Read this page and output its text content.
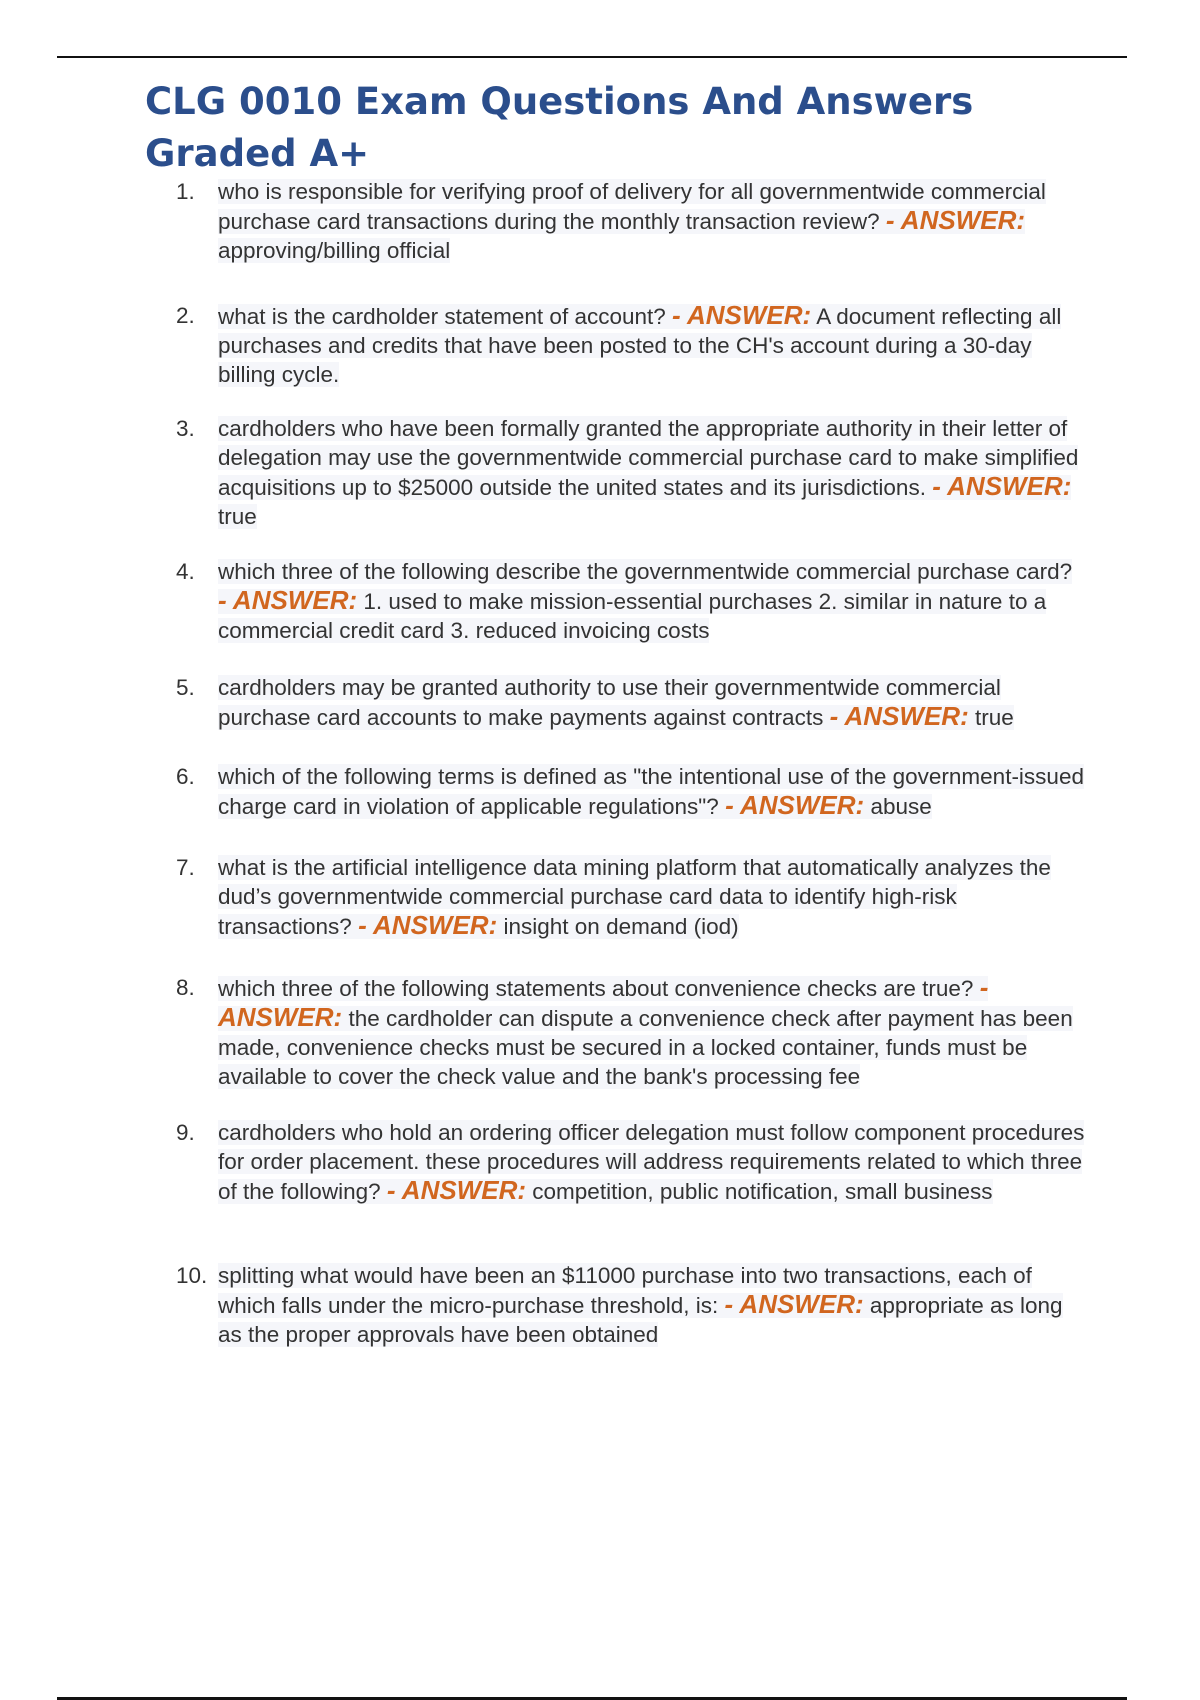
CLG 0010 Exam Questions And Answers Graded A+
1.	who is responsible for verifying proof of delivery for all governmentwide commercial purchase card transactions during the monthly transaction review? - ANSWER: approving/billing official
2.	what is the cardholder statement of account? - ANSWER: A document reflecting all purchases and credits that have been posted to the CH's account during a 30-day billing cycle.
3.	cardholders who have been formally granted the appropriate authority in their letter of delegation may use the governmentwide commercial purchase card to make simplified acquisitions up to $25000 outside the united states and its jurisdictions. - ANSWER: true
4.	which three of the following describe the governmentwide commercial purchase card? - ANSWER: 1. used to make mission-essential purchases 2. similar in nature to a commercial credit card 3. reduced invoicing costs
5.	cardholders may be granted authority to use their governmentwide commercial purchase card accounts to make payments against contracts - ANSWER: true
6.	which of the following terms is defined as "the intentional use of the government-issued charge card in violation of applicable regulations"? - ANSWER: abuse
7.	what is the artificial intelligence data mining platform that automatically analyzes the dud’s governmentwide commercial purchase card data to identify high-risk transactions? - ANSWER: insight on demand (iod)
8.	which three of the following statements about convenience checks are true? - ANSWER: the cardholder can dispute a convenience check after payment has been made, convenience checks must be secured in a locked container, funds must be available to cover the check value and the bank's processing fee
9.	cardholders who hold an ordering officer delegation must follow component procedures for order placement. these procedures will address requirements related to which three of the following? - ANSWER: competition, public notification, small business
10. splitting what would have been an $11000 purchase into two transactions, each of which falls under the micro-purchase threshold, is: - ANSWER: appropriate as long as the proper approvals have been obtained
